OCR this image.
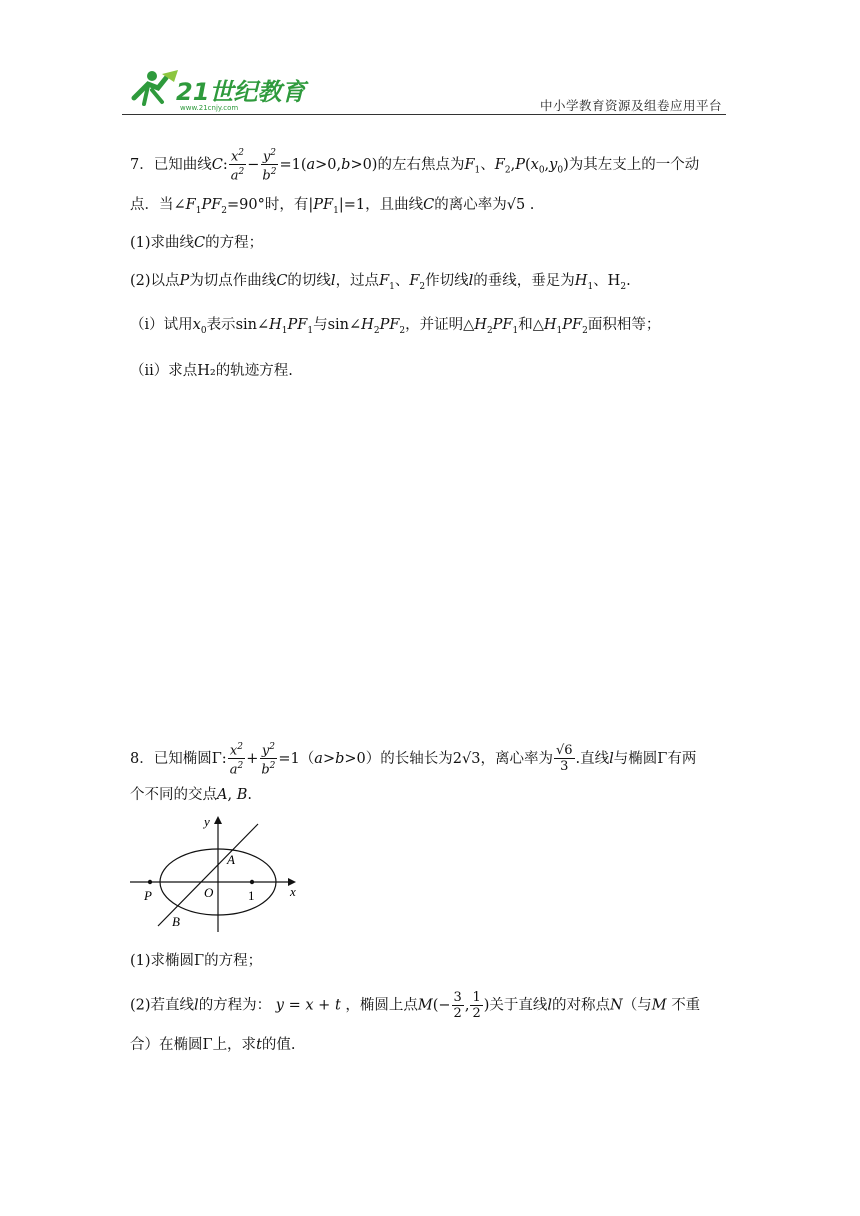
21世纪教育
www.21cnjy.com	中小学教育资源及组卷应用平台
7．已知曲线C: $\frac{x^2}{a^2} - \frac{y^2}{b^2} =1(a>0,b>0)$的左右焦点为$F_1$、$F_2,P(x_0,y_0)$为其左支上的一个动
点．当$\angle F_1PF_2=90^\circ$时，有$|PF_1|=1$，且曲线C的离心率为√5 .
(1)求曲线C的方程；
(2)以点P为切点作曲线C的切线l，过点$F_1$、$F_2$作切线l的垂线，垂足为$H_1$、$H_2$.
（ⅰ）试用$x_0$表示$\sin\angle H_1PF_1$与$\sin\angle H_2PF_2$，并证明$\triangle H_2PF_1$和$\triangle H_1PF_2$面积相等；
（ⅱ）求点H₂的轨迹方程.
8．已知椭圆Γ: $\frac{x^2}{a^2} + \frac{y^2}{b^2} =1(a>b>0)$的长轴长为2√3，离心率为 $\frac{√6}{3}$ .直线l与椭圆Γ有两
个不同的交点A, B.
y
x
A
B
O
P	1
(1)求椭圆Γ的方程；
(2)若直线l的方程为： y = x + t ，椭圆上点$M(- \frac{3}{2}$ , $\frac{1}{2}$ )关于直线l的对称点N（与M 不重
合）在椭圆Γ上，求t的值.
